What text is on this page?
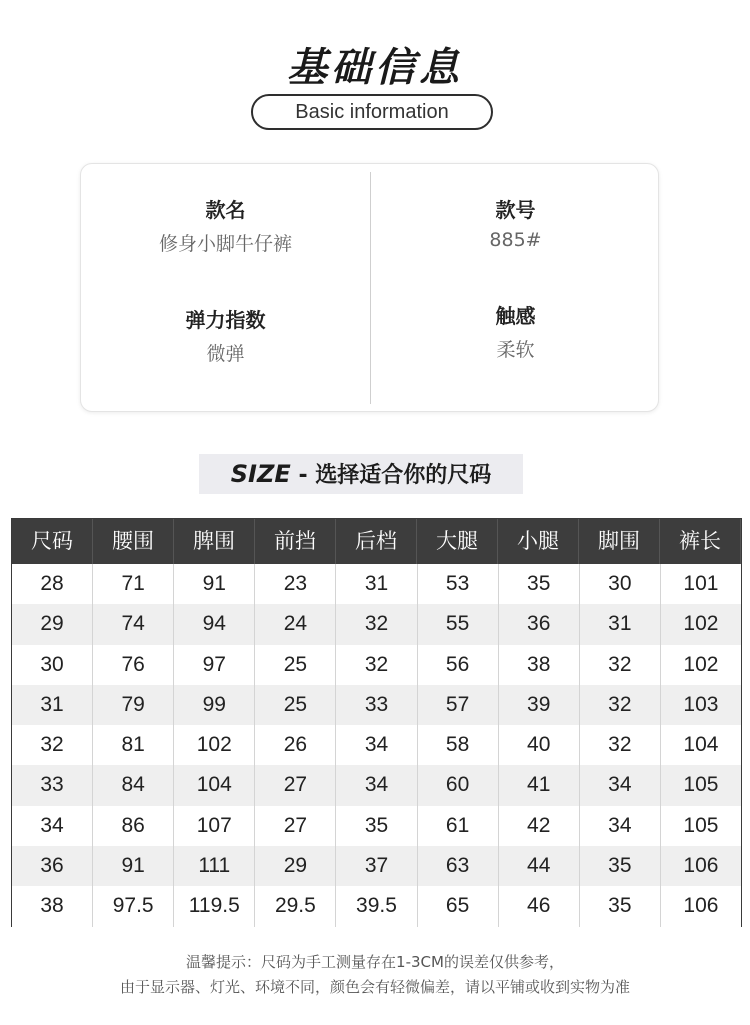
基础信息
Basic information
款名
修身小脚牛仔裤
款号
885#
弹力指数
微弹
触感
柔软
SIZE - 选择适合你的尺码
尺码	腰围	脾围	前挡	后档	大腿	小腿	脚围	裤长
28	71	91	23	31	53	35	30	101
29	74	94	24	32	55	36	31	102
30	76	97	25	32	56	38	32	102
31	79	99	25	33	57	39	32	103
32	81	102	26	34	58	40	32	104
33	84	104	27	34	60	41	34	105
34	86	107	27	35	61	42	34	105
36	91	111	29	37	63	44	35	106
38	97.5	119.5	29.5	39.5	65	46	35	106
温馨提示：尺码为手工测量存在1-3CM的误差仅供参考，
由于显示器、灯光、环境不同，颜色会有轻微偏差，请以平铺或收到实物为准
